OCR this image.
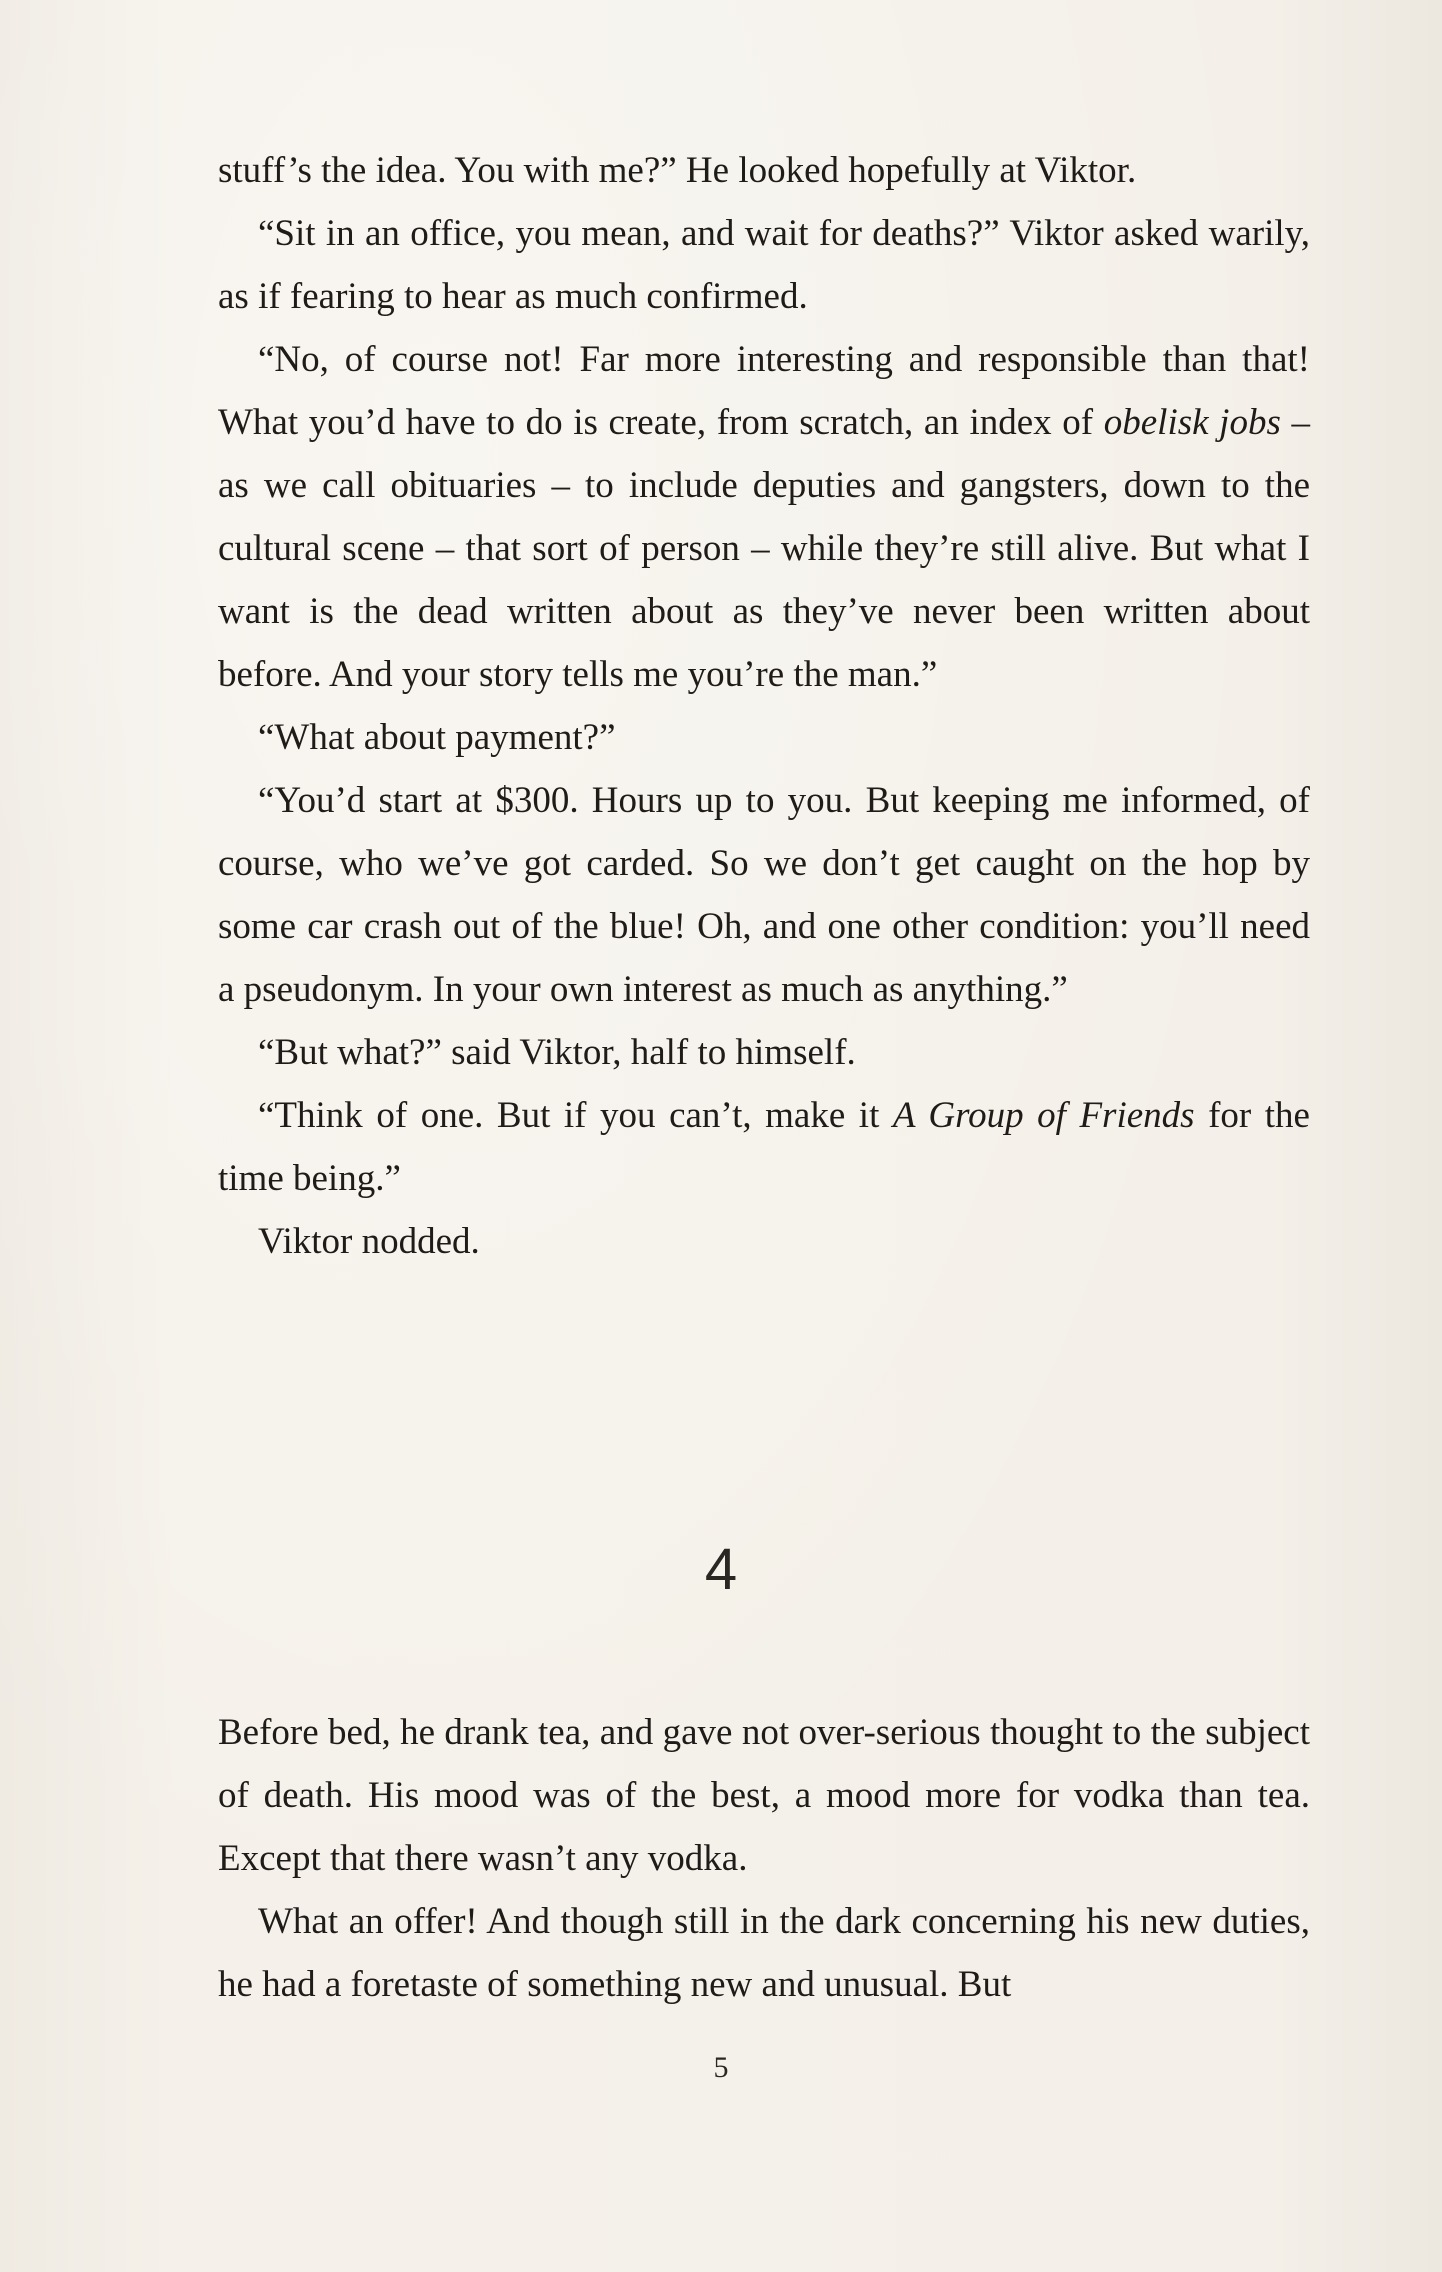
stuff’s the idea. You with me?” He looked hopefully at Viktor.

“Sit in an office, you mean, and wait for deaths?” Viktor asked warily, as if fearing to hear as much confirmed.

“No, of course not! Far more interesting and responsible than that! What you’d have to do is create, from scratch, an index of obelisk jobs – as we call obituaries – to include deputies and gangsters, down to the cultural scene – that sort of person – while they’re still alive. But what I want is the dead written about as they’ve never been written about before. And your story tells me you’re the man.”

“What about payment?”

“You’d start at $300. Hours up to you. But keeping me informed, of course, who we’ve got carded. So we don’t get caught on the hop by some car crash out of the blue! Oh, and one other condition: you’ll need a pseudonym. In your own interest as much as anything.”

“But what?” said Viktor, half to himself.

“Think of one. But if you can’t, make it A Group of Friends for the time being.”

Viktor nodded.

4

Before bed, he drank tea, and gave not over-serious thought to the subject of death. His mood was of the best, a mood more for vodka than tea. Except that there wasn’t any vodka.

What an offer! And though still in the dark concerning his new duties, he had a foretaste of something new and unusual. But

5
